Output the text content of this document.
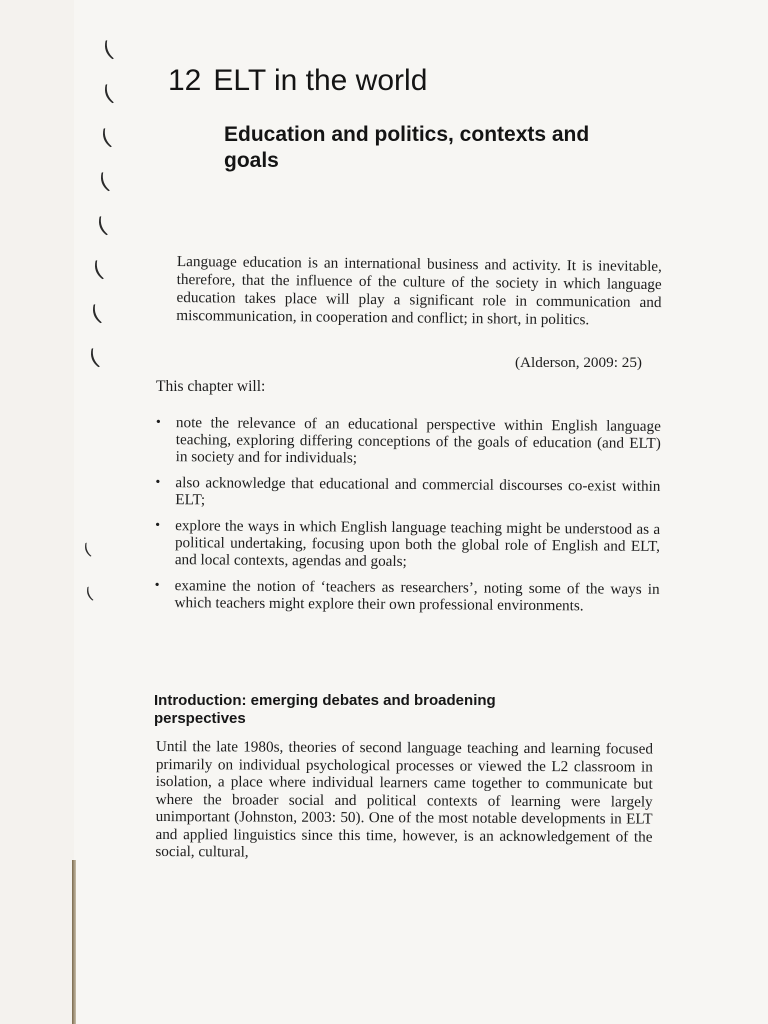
(
(
(
(
(
(
(
(
(
(
12 ELT in the world
Education and politics, contexts and goals

Language education is an international business and activity. It is inevitable, therefore, that the influence of the culture of the society in which language education takes place will play a significant role in communication and miscommunication, in cooperation and conflict; in short, in politics.

(Alderson, 2009: 25)
This chapter will:
• note the relevance of an educational perspective within English language teaching, exploring differing conceptions of the goals of education (and ELT) in society and for individuals;
• also acknowledge that educational and commercial discourses co-exist within ELT;
• explore the ways in which English language teaching might be understood as a political undertaking, focusing upon both the global role of English and ELT, and local contexts, agendas and goals;
• examine the notion of ‘teachers as researchers’, noting some of the ways in which teachers might explore their own professional environments.
Introduction: emerging debates and broadening perspectives

Until the late 1980s, theories of second language teaching and learning focused primarily on individual psychological processes or viewed the L2 classroom in isolation, a place where individual learners came together to communicate but where the broader social and political contexts of learning were largely unimportant (Johnston, 2003: 50). One of the most notable developments in ELT and applied linguistics since this time, however, is an acknowledgement of the social, cultural,
